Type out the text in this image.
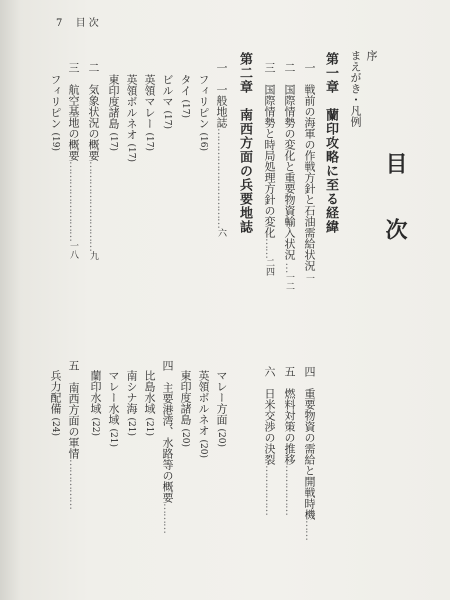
7 目 次
目次
序
まえがき・凡例
第一章　蘭印攻略に至る経緯
一　戦前の海軍の作戦方針と石油需給状況 一
二　国際情勢の変化と重要物資輸入状況 …一二
三　国際情勢と時局処理方針の変化……二四
四　重要物資の需給と開戦時機……
五　燃料対策の推移……………
六　日米交渉の決裂……………
第二章　南西方面の兵要地誌
一　一般地誌…………………………六
フィリピン (16)
タイ (17)
ビルマ (17)
英領マレー (17)
英領ボルネオ (17)
東印度諸島 (17)
二　気象状況の概要………………………九
三　航空基地の概要……………………一八
フィリピン (19)
マレー方面 (20)
英領ボルネオ (20)
東印度諸島 (20)
四　主要港湾、水路等の概要………
比島水域 (21)
南シナ海 (21)
マレー水域 (21)
蘭印水域 (22)
五　南西方面の軍情……………
兵力配備 (24)
